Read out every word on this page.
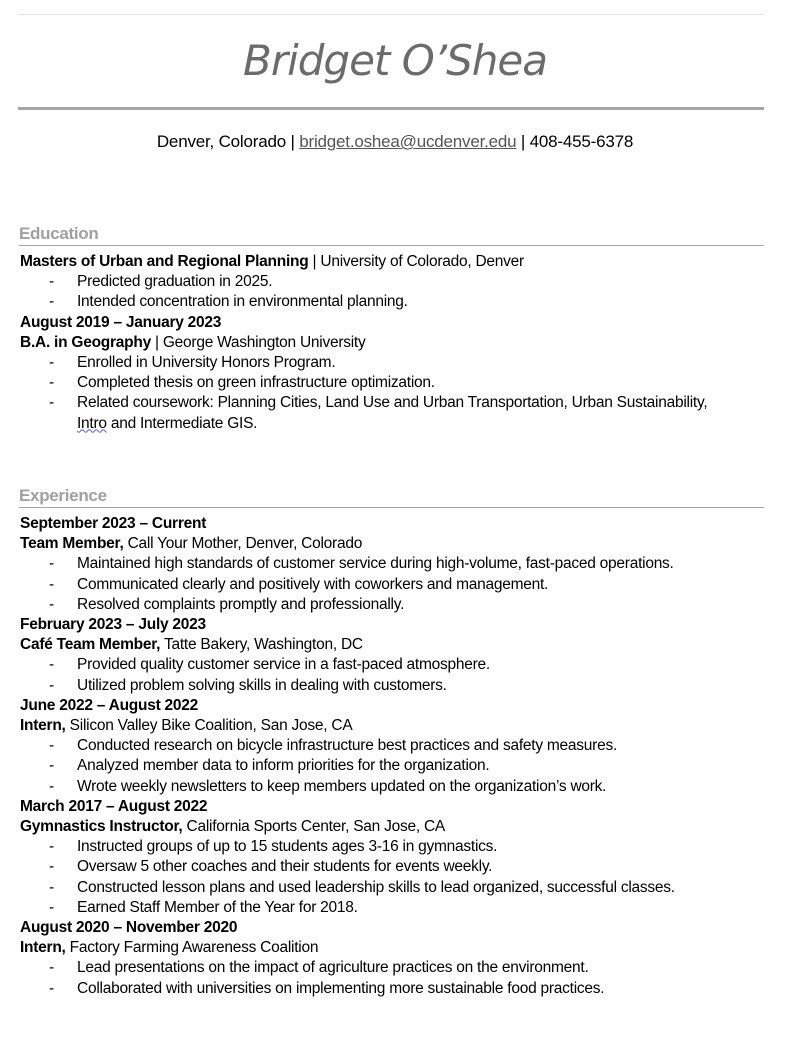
Bridget O’Shea
Denver, Colorado | bridget.oshea@ucdenver.edu | 408-455-6378
Education
Masters of Urban and Regional Planning | University of Colorado, Denver
- Predicted graduation in 2025.
- Intended concentration in environmental planning.
August 2019 – January 2023
B.A. in Geography | George Washington University
- Enrolled in University Honors Program.
- Completed thesis on green infrastructure optimization.
- Related coursework: Planning Cities, Land Use and Urban Transportation, Urban Sustainability,
Intro and Intermediate GIS.
Experience
September 2023 – Current
Team Member, Call Your Mother, Denver, Colorado
- Maintained high standards of customer service during high-volume, fast-paced operations.
- Communicated clearly and positively with coworkers and management.
- Resolved complaints promptly and professionally.
February 2023 – July 2023
Café Team Member, Tatte Bakery, Washington, DC
- Provided quality customer service in a fast-paced atmosphere.
- Utilized problem solving skills in dealing with customers.
June 2022 – August 2022
Intern, Silicon Valley Bike Coalition, San Jose, CA
- Conducted research on bicycle infrastructure best practices and safety measures.
- Analyzed member data to inform priorities for the organization.
- Wrote weekly newsletters to keep members updated on the organization’s work.
March 2017 – August 2022
Gymnastics Instructor, California Sports Center, San Jose, CA
- Instructed groups of up to 15 students ages 3-16 in gymnastics.
- Oversaw 5 other coaches and their students for events weekly.
- Constructed lesson plans and used leadership skills to lead organized, successful classes.
- Earned Staff Member of the Year for 2018.
August 2020 – November 2020
Intern, Factory Farming Awareness Coalition
- Lead presentations on the impact of agriculture practices on the environment.
- Collaborated with universities on implementing more sustainable food practices.
